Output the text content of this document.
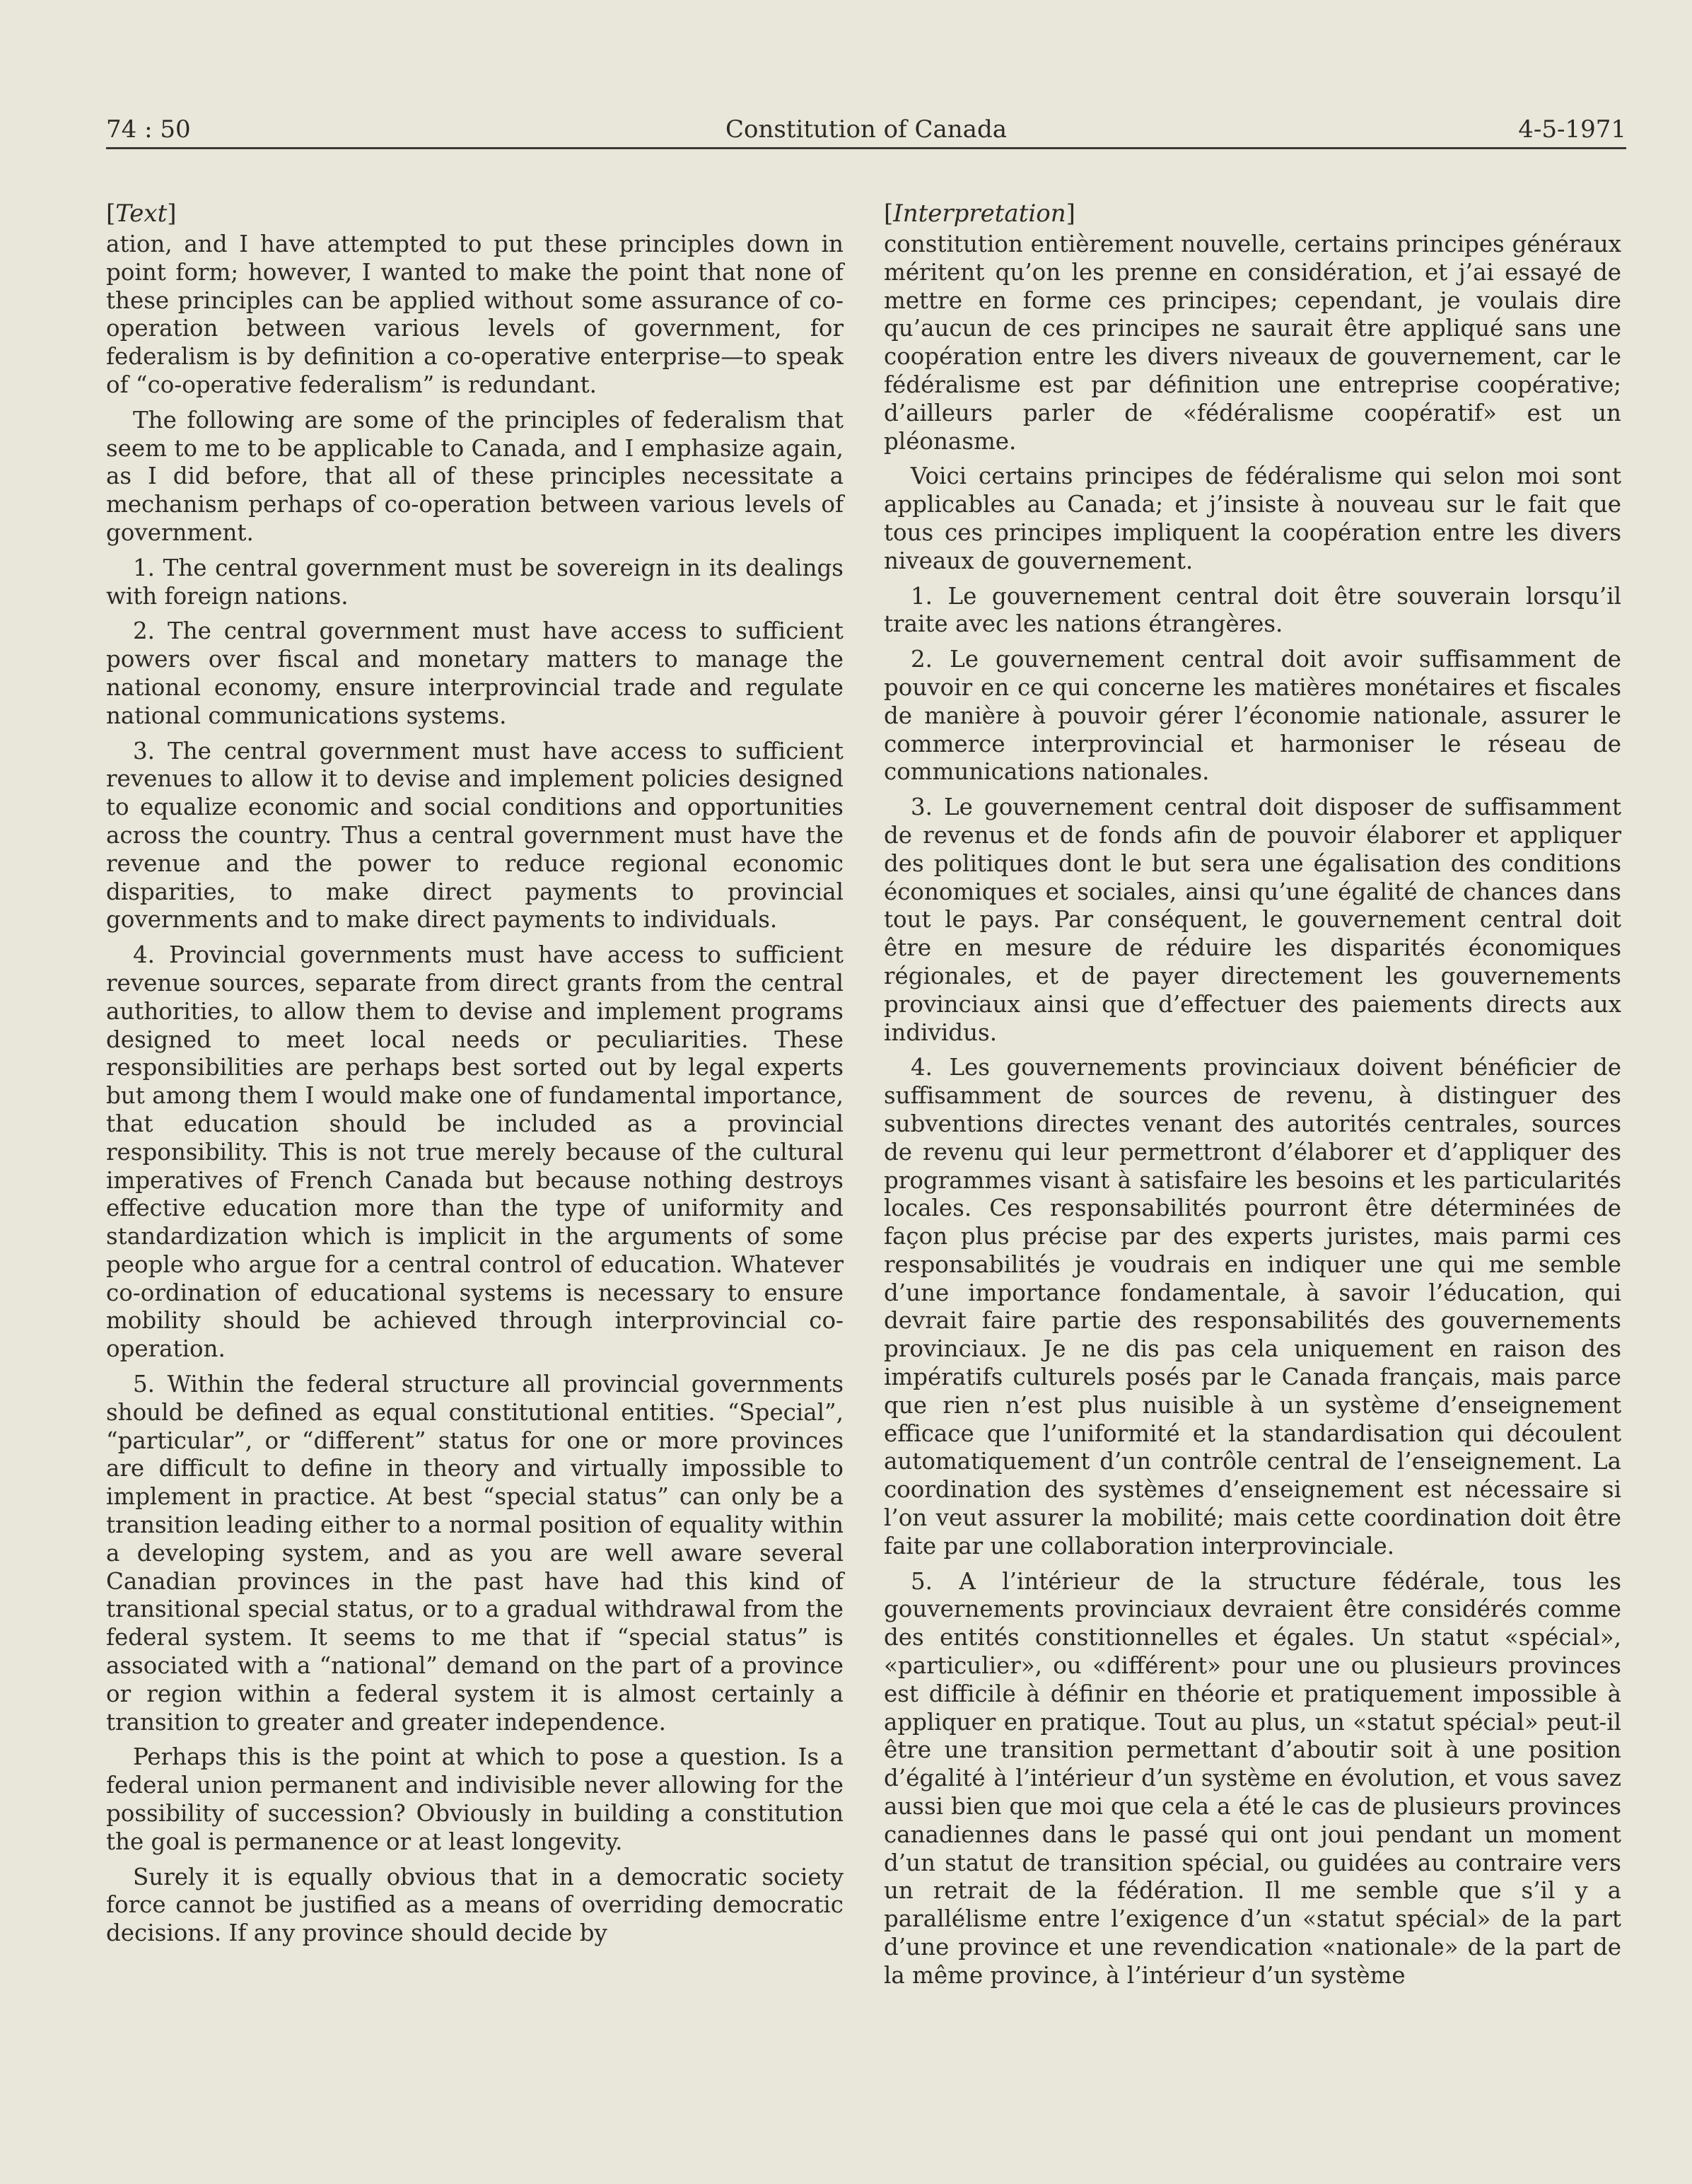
74 : 50	Constitution of Canada	4-5-1971
[Text]

ation, and I have attempted to put these principles down in point form; however, I wanted to make the point that none of these principles can be applied without some assurance of co-operation between various levels of government, for federalism is by definition a co-operative enterprise—to speak of “co-operative federalism” is redundant.

The following are some of the principles of federalism that seem to me to be applicable to Canada, and I emphasize again, as I did before, that all of these principles necessitate a mechanism perhaps of co-operation between various levels of government.

1. The central government must be sovereign in its dealings with foreign nations.

2. The central government must have access to sufficient powers over fiscal and monetary matters to manage the national economy, ensure interprovincial trade and regulate national communications systems.

3. The central government must have access to sufficient revenues to allow it to devise and implement policies designed to equalize economic and social conditions and opportunities across the country. Thus a central government must have the revenue and the power to reduce regional economic disparities, to make direct payments to provincial governments and to make direct payments to individuals.

4. Provincial governments must have access to sufficient revenue sources, separate from direct grants from the central authorities, to allow them to devise and implement programs designed to meet local needs or peculiarities. These responsibilities are perhaps best sorted out by legal experts but among them I would make one of fundamental importance, that education should be included as a provincial responsibility. This is not true merely because of the cultural imperatives of French Canada but because nothing destroys effective education more than the type of uniformity and standardization which is implicit in the arguments of some people who argue for a central control of education. Whatever co-ordination of educational systems is necessary to ensure mobility should be achieved through interprovincial co-operation.

5. Within the federal structure all provincial governments should be defined as equal constitutional entities. “Special”, “particular”, or “different” status for one or more provinces are difficult to define in theory and virtually impossible to implement in practice. At best “special status” can only be a transition leading either to a normal position of equality within a developing system, and as you are well aware several Canadian provinces in the past have had this kind of transitional special status, or to a gradual withdrawal from the federal system. It seems to me that if “special status” is associated with a “national” demand on the part of a province or region within a federal system it is almost certainly a transition to greater and greater independence.

Perhaps this is the point at which to pose a question. Is a federal union permanent and indivisible never allowing for the possibility of succession? Obviously in building a constitution the goal is permanence or at least longevity.

Surely it is equally obvious that in a democratic society force cannot be justified as a means of overriding democratic decisions. If any province should decide by

[Interpretation]

constitution entièrement nouvelle, certains principes généraux méritent qu’on les prenne en considération, et j’ai essayé de mettre en forme ces principes; cependant, je voulais dire qu’aucun de ces principes ne saurait être appliqué sans une coopération entre les divers niveaux de gouvernement, car le fédéralisme est par définition une entreprise coopérative; d’ailleurs parler de «fédéralisme coopératif» est un pléonasme.

Voici certains principes de fédéralisme qui selon moi sont applicables au Canada; et j’insiste à nouveau sur le fait que tous ces principes impliquent la coopération entre les divers niveaux de gouvernement.

1. Le gouvernement central doit être souverain lorsqu’il traite avec les nations étrangères.

2. Le gouvernement central doit avoir suffisamment de pouvoir en ce qui concerne les matières monétaires et fiscales de manière à pouvoir gérer l’économie nationale, assurer le commerce interprovincial et harmoniser le réseau de communications nationales.

3. Le gouvernement central doit disposer de suffisamment de revenus et de fonds afin de pouvoir élaborer et appliquer des politiques dont le but sera une égalisation des conditions économiques et sociales, ainsi qu’une égalité de chances dans tout le pays. Par conséquent, le gouvernement central doit être en mesure de réduire les disparités économiques régionales, et de payer directement les gouvernements provinciaux ainsi que d’effectuer des paiements directs aux individus.

4. Les gouvernements provinciaux doivent bénéficier de suffisamment de sources de revenu, à distinguer des subventions directes venant des autorités centrales, sources de revenu qui leur permettront d’élaborer et d’appliquer des programmes visant à satisfaire les besoins et les particularités locales. Ces responsabilités pourront être déterminées de façon plus précise par des experts juristes, mais parmi ces responsabilités je voudrais en indiquer une qui me semble d’une importance fondamentale, à savoir l’éducation, qui devrait faire partie des responsabilités des gouvernements provinciaux. Je ne dis pas cela uniquement en raison des impératifs culturels posés par le Canada français, mais parce que rien n’est plus nuisible à un système d’enseignement efficace que l’uniformité et la standardisation qui découlent automatiquement d’un contrôle central de l’enseignement. La coordination des systèmes d’enseignement est nécessaire si l’on veut assurer la mobilité; mais cette coordination doit être faite par une collaboration interprovinciale.

5. A l’intérieur de la structure fédérale, tous les gouvernements provinciaux devraient être considérés comme des entités constitionnelles et égales. Un statut «spécial», «particulier», ou «différent» pour une ou plusieurs provinces est difficile à définir en théorie et pratiquement impossible à appliquer en pratique. Tout au plus, un «statut spécial» peut-il être une transition permettant d’aboutir soit à une position d’égalité à l’intérieur d’un système en évolution, et vous savez aussi bien que moi que cela a été le cas de plusieurs provinces canadiennes dans le passé qui ont joui pendant un moment d’un statut de transition spécial, ou guidées au contraire vers un retrait de la fédération. Il me semble que s’il y a parallélisme entre l’exigence d’un «statut spécial» de la part d’une province et une revendication «nationale» de la part de la même province, à l’intérieur d’un système
